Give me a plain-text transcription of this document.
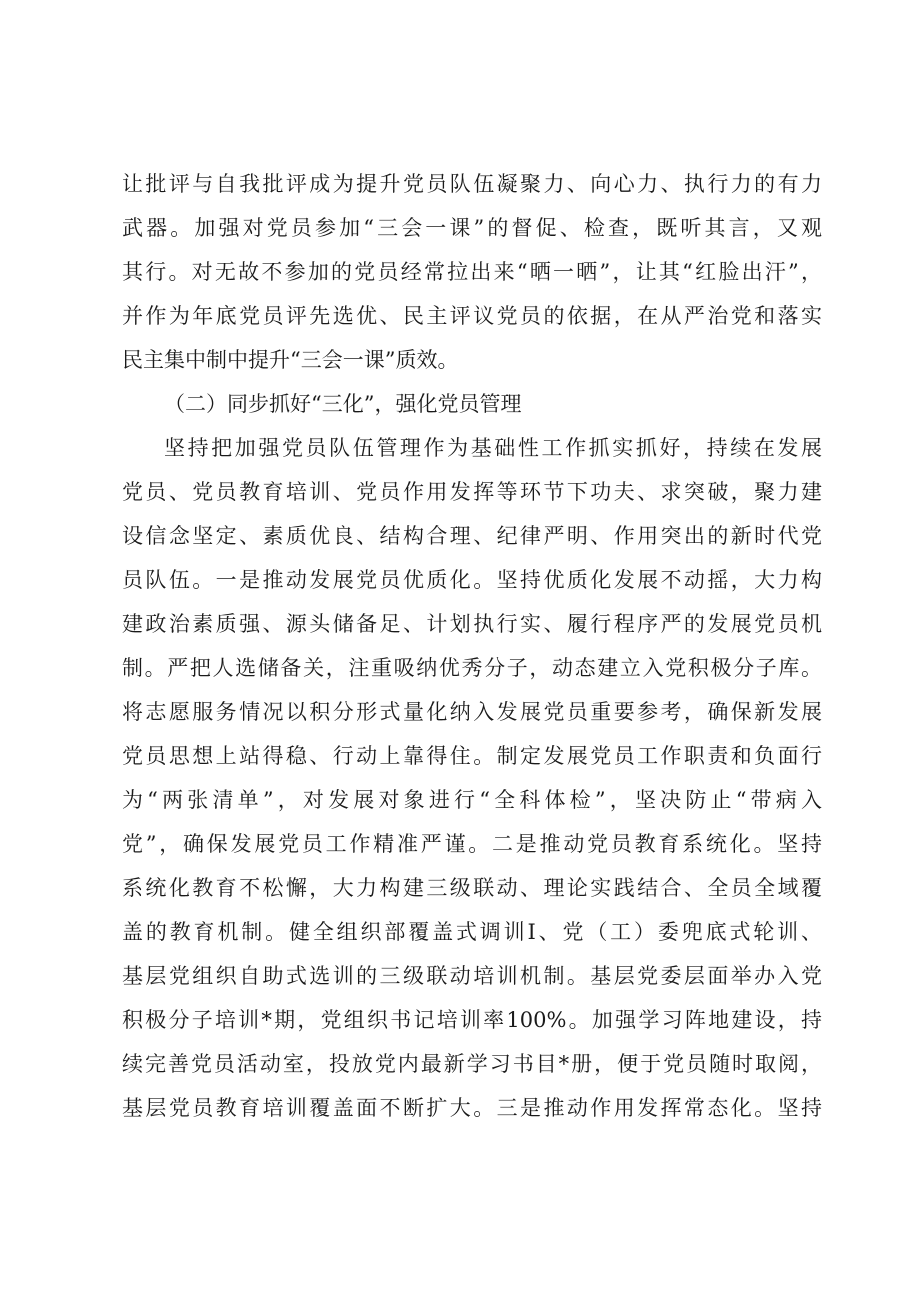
让批评与自我批评成为提升党员队伍凝聚力、向心力、执行力的有力
武器。加强对党员参加“三会一课”的督促、检查，既听其言，又观
其行。对无故不参加的党员经常拉出来“晒一晒”，让其“红脸出汗”，
并作为年底党员评先选优、民主评议党员的依据，在从严治党和落实
民主集中制中提升“三会一课”质效。
（二）同步抓好“三化”，强化党员管理
坚持把加强党员队伍管理作为基础性工作抓实抓好，持续在发展
党员、党员教育培训、党员作用发挥等环节下功夫、求突破，聚力建
设信念坚定、素质优良、结构合理、纪律严明、作用突出的新时代党
员队伍。一是推动发展党员优质化。坚持优质化发展不动摇，大力构
建政治素质强、源头储备足、计划执行实、履行程序严的发展党员机
制。严把人选储备关，注重吸纳优秀分子，动态建立入党积极分子库。
将志愿服务情况以积分形式量化纳入发展党员重要参考，确保新发展
党员思想上站得稳、行动上靠得住。制定发展党员工作职责和负面行
为“两张清单”，对发展对象进行“全科体检”，坚决防止“带病入
党”，确保发展党员工作精准严谨。二是推动党员教育系统化。坚持
系统化教育不松懈，大力构建三级联动、理论实践结合、全员全域覆
盖的教育机制。健全组织部覆盖式调训I、党（工）委兜底式轮训、
基层党组织自助式选训的三级联动培训机制。基层党委层面举办入党
积极分子培训*期，党组织书记培训率100%。加强学习阵地建设，持
续完善党员活动室，投放党内最新学习书目*册，便于党员随时取阅，
基层党员教育培训覆盖面不断扩大。三是推动作用发挥常态化。坚持
